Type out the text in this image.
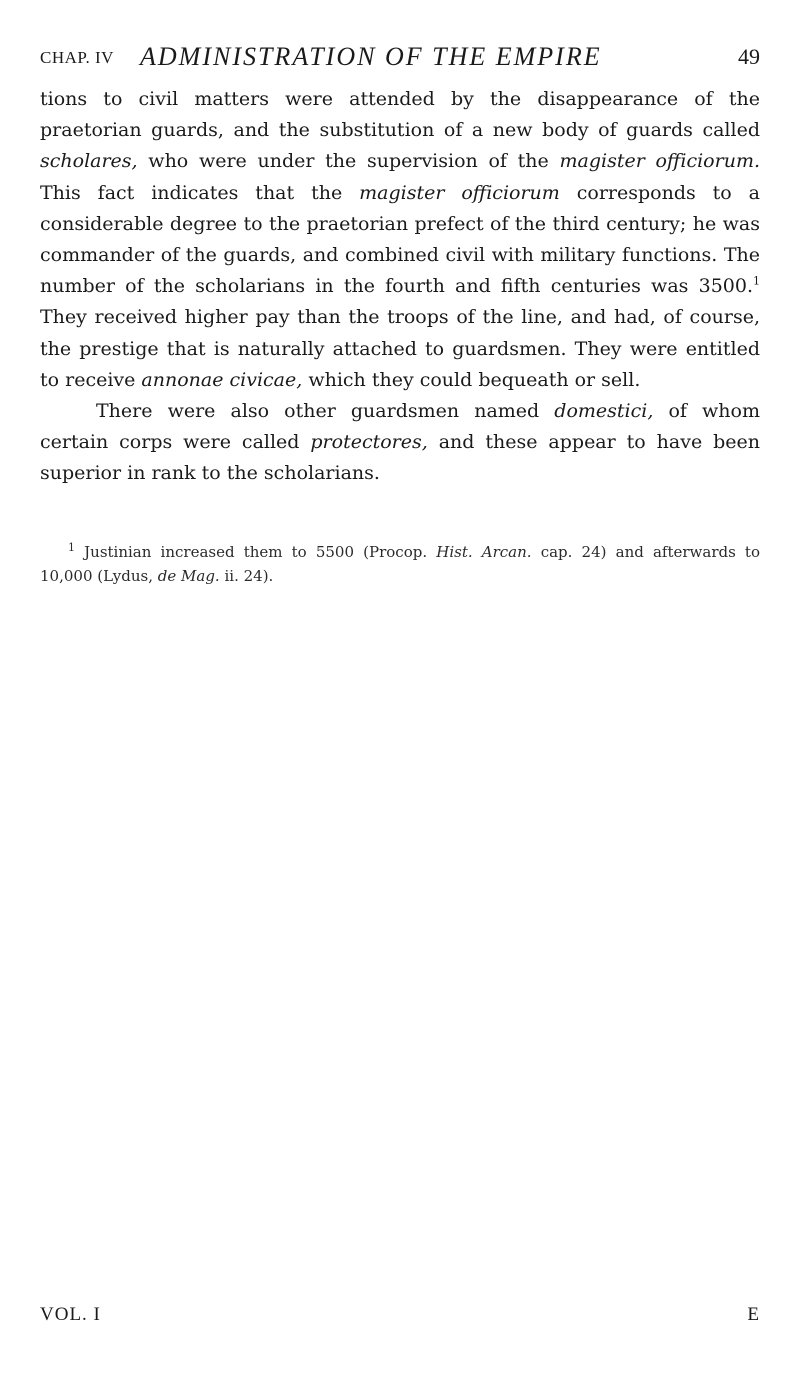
CHAP. IV ADMINISTRATION OF THE EMPIRE	49

tions to civil matters were attended by the disappearance of the praetorian guards, and the substitution of a new body of guards called scholares, who were under the supervision of the magister officiorum. This fact indicates that the magister officiorum corresponds to a considerable degree to the praetorian prefect of the third century; he was commander of the guards, and combined civil with military functions. The number of the scholarians in the fourth and fifth centuries was 3500.$^1$ They received higher pay than the troops of the line, and had, of course, the prestige that is naturally attached to guardsmen. They were entitled to receive annonae civicae, which they could bequeath or sell.

There were also other guardsmen named domestici, of whom certain corps were called protectores, and these appear to have been superior in rank to the scholarians.

$^1$ Justinian increased them to 5500 (Procop. Hist. Arcan. cap. 24) and afterwards to 10,000 (Lydus, de Mag. ii. 24).

VOL. I	E
